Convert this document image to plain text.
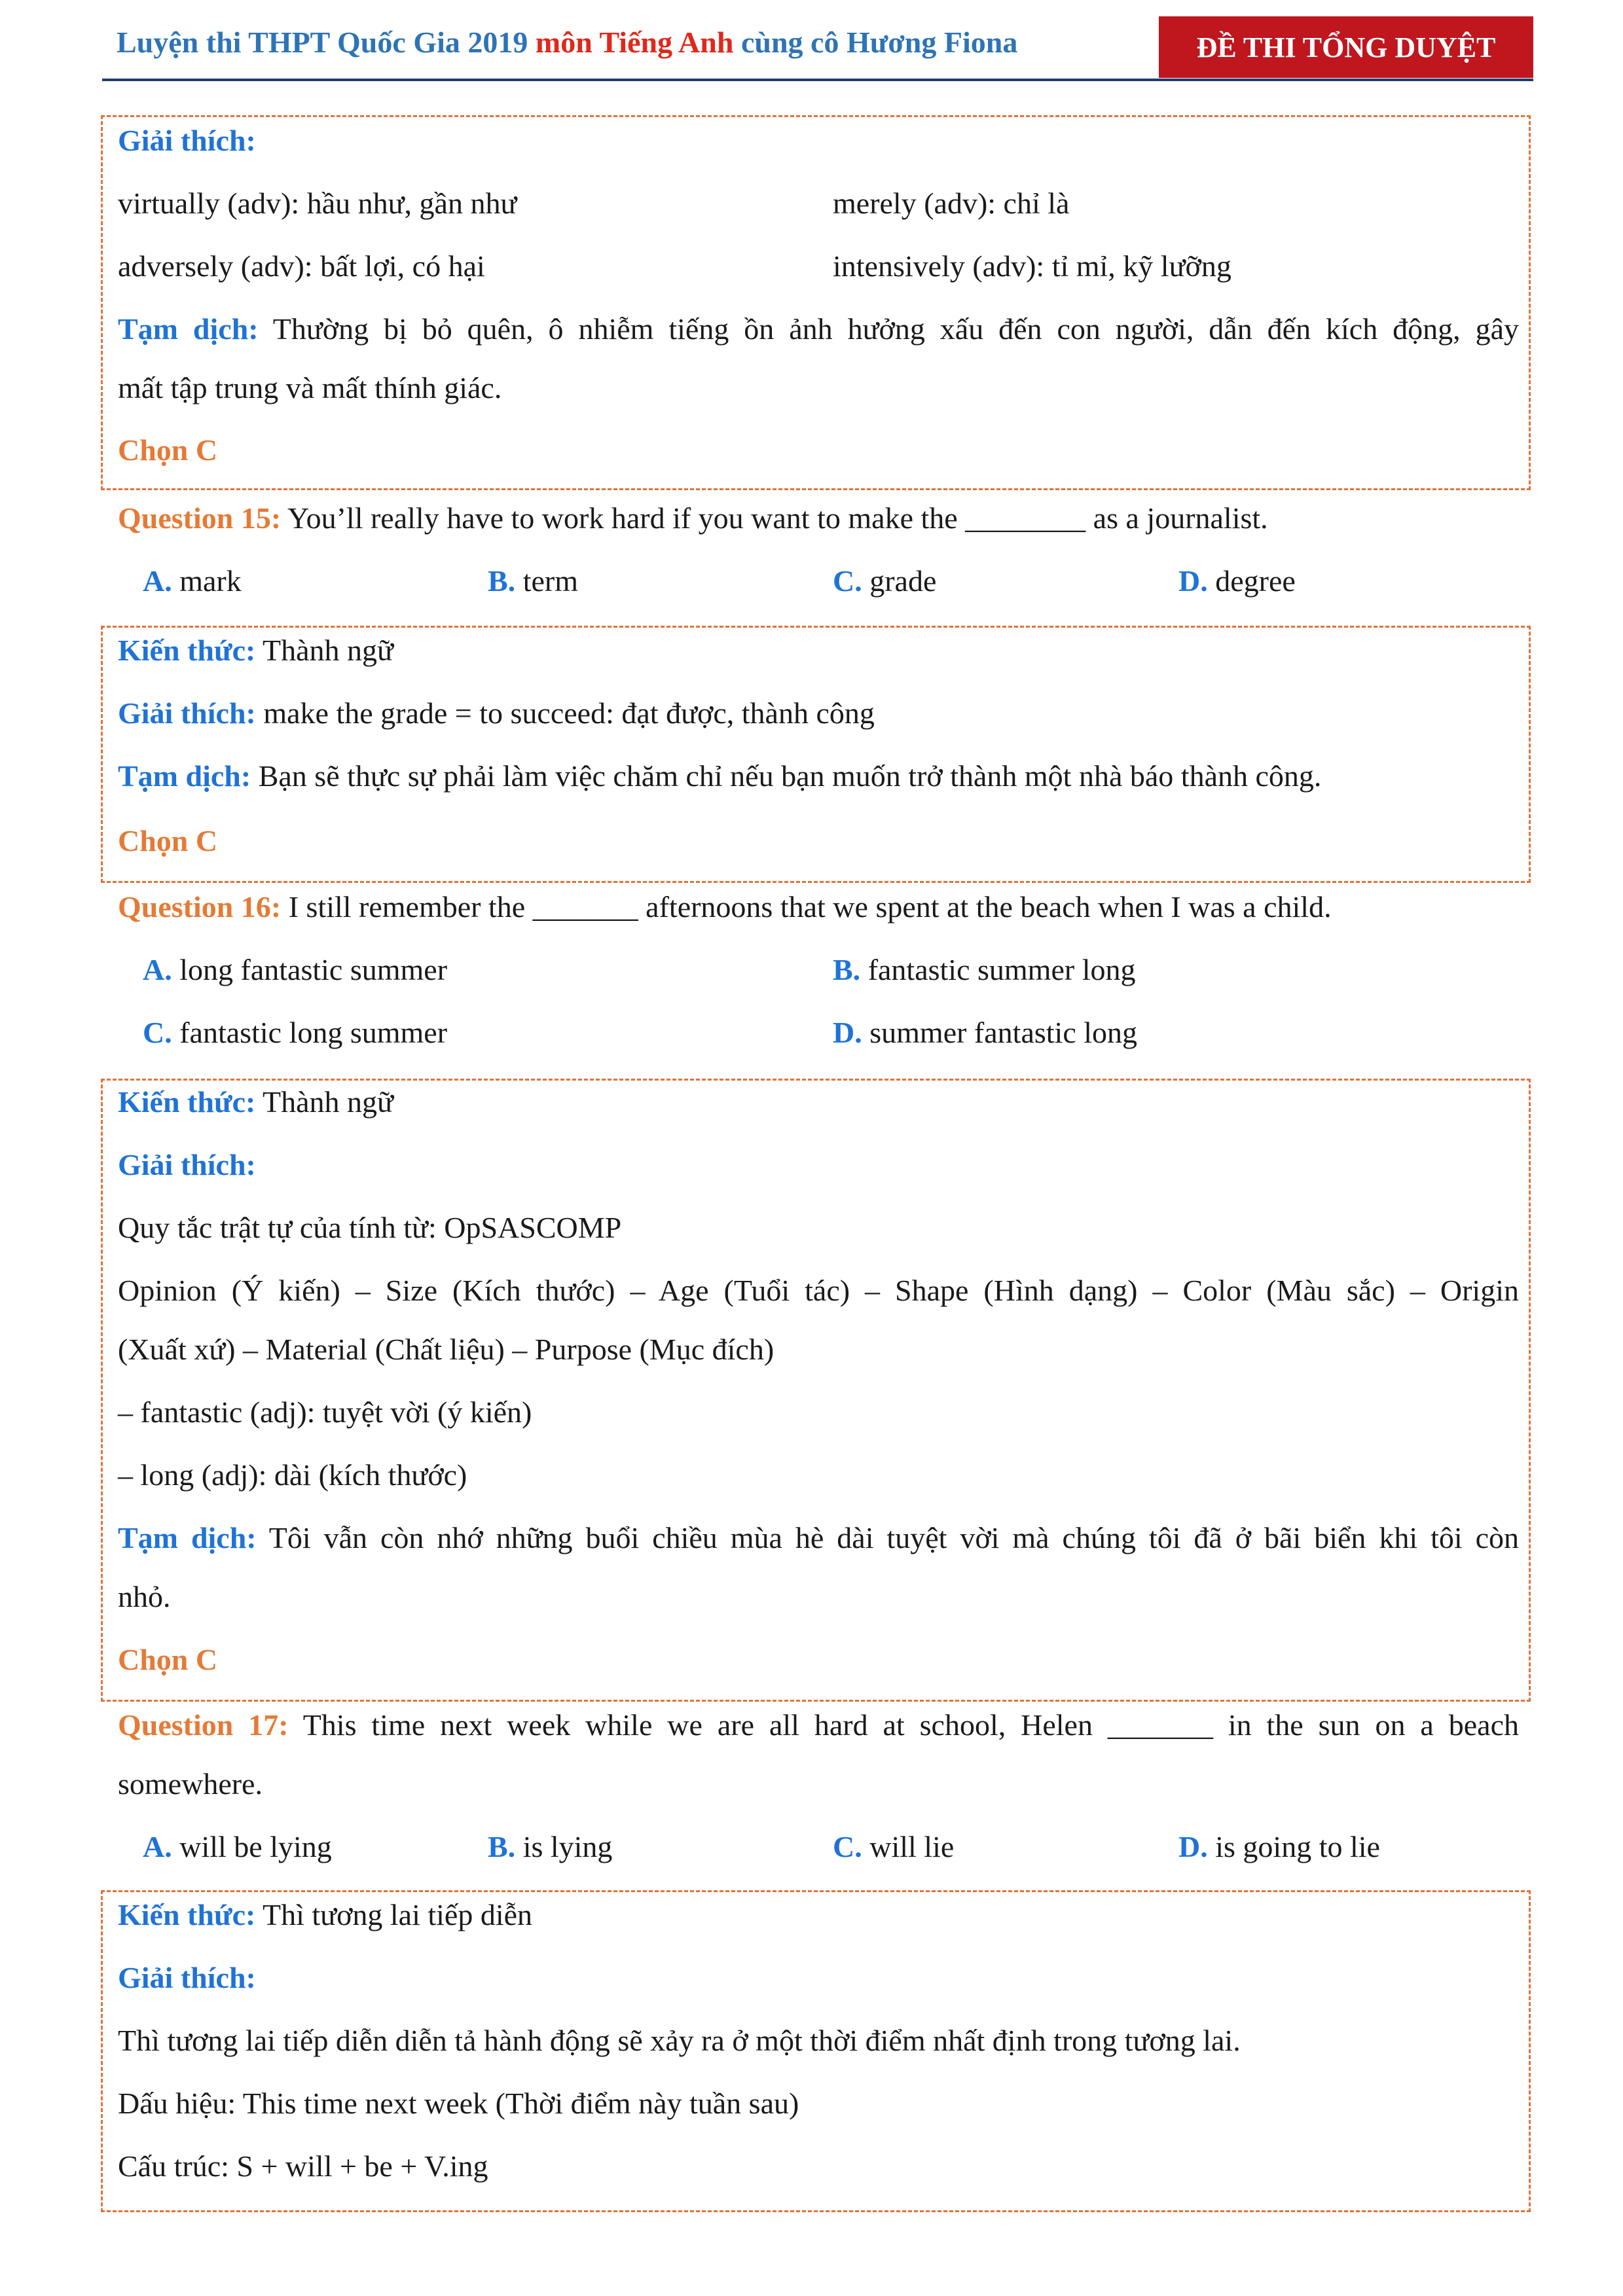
Luyện thi THPT Quốc Gia 2019 môn Tiếng Anh cùng cô Hương Fiona	ĐỀ THI TỔNG DUYỆT
Giải thích:
virtually (adv): hầu như, gần như	merely (adv): chỉ là
adversely (adv): bất lợi, có hại	intensively (adv): tỉ mỉ, kỹ lưỡng
Tạm dịch: Thường bị bỏ quên, ô nhiễm tiếng ồn ảnh hưởng xấu đến con người, dẫn đến kích động, gây
mất tập trung và mất thính giác.
Chọn C
Question 15: You’ll really have to work hard if you want to make the ________ as a journalist.
A. mark	B. term	C. grade	D. degree
Kiến thức: Thành ngữ
Giải thích: make the grade = to succeed: đạt được, thành công
Tạm dịch: Bạn sẽ thực sự phải làm việc chăm chỉ nếu bạn muốn trở thành một nhà báo thành công.
Chọn C
Question 16: I still remember the _______ afternoons that we spent at the beach when I was a child.
A. long fantastic summer	B. fantastic summer long
C. fantastic long summer	D. summer fantastic long
Kiến thức: Thành ngữ
Giải thích:
Quy tắc trật tự của tính từ: OpSASCOMP
Opinion (Ý kiến) – Size (Kích thước) – Age (Tuổi tác) – Shape (Hình dạng) – Color (Màu sắc) – Origin
(Xuất xứ) – Material (Chất liệu) – Purpose (Mục đích)
– fantastic (adj): tuyệt vời (ý kiến)
– long (adj): dài (kích thước)
Tạm dịch: Tôi vẫn còn nhớ những buổi chiều mùa hè dài tuyệt vời mà chúng tôi đã ở bãi biển khi tôi còn
nhỏ.
Chọn C
Question 17: This time next week while we are all hard at school, Helen _______ in the sun on a beach
somewhere.
A. will be lying	B. is lying	C. will lie	D. is going to lie
Kiến thức: Thì tương lai tiếp diễn
Giải thích:
Thì tương lai tiếp diễn diễn tả hành động sẽ xảy ra ở một thời điểm nhất định trong tương lai.
Dấu hiệu: This time next week (Thời điểm này tuần sau)
Cấu trúc: S + will + be + V.ing
